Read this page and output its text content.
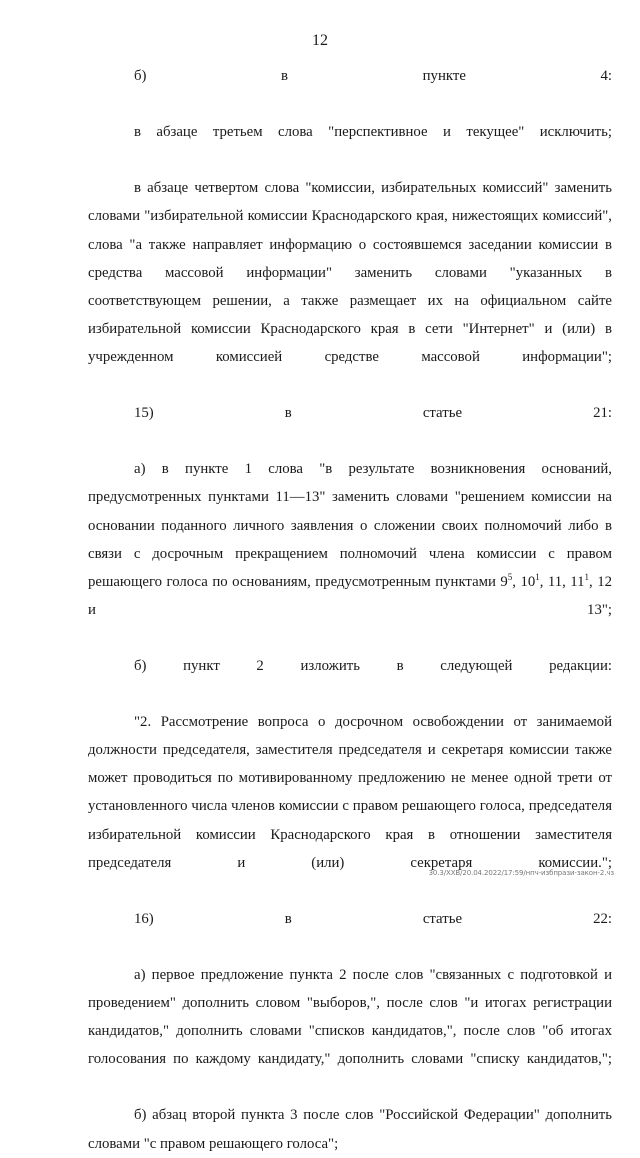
12

б) в пункте 4:

в абзаце третьем слова "перспективное и текущее" исключить;

в абзаце четвертом слова "комиссии, избирательных комиссий" заменить словами "избирательной комиссии Краснодарского края, нижестоящих комиссий", слова "а также направляет информацию о состоявшемся заседании комиссии в средства массовой информации" заменить словами "указанных в соответствующем решении, а также размещает их на официальном сайте избирательной комиссии Краснодарского края в сети "Интернет" и (или) в учрежденном комиссией средстве массовой информации";

15) в статье 21:

а) в пункте 1 слова "в результате возникновения оснований, предусмотренных пунктами 11—13" заменить словами "решением комиссии на основании поданного личного заявления о сложении своих полномочий либо в связи с досрочным прекращением полномочий члена комиссии с правом решающего голоса по основаниям, предусмотренным пунктами $9^5$, $10^1$, 11, $11^1$, 12 и 13";

б) пункт 2 изложить в следующей редакции:

"2. Рассмотрение вопроса о досрочном освобождении от занимаемой должности председателя, заместителя председателя и секретаря комиссии также может проводиться по мотивированному предложению не менее одной трети от установленного числа членов комиссии с правом решающего голоса, председателя избирательной комиссии Краснодарского края в отношении заместителя председателя и (или) секретаря комиссии.";

16) в статье 22:

а) первое предложение пункта 2 после слов "связанных с подготовкой и проведением" дополнить словом "выборов,", после слов "и итогах регистрации кандидатов," дополнить словами "списков кандидатов,", после слов "об итогах голосования по каждому кандидату," дополнить словами "списку кандидатов,";

б) абзац второй пункта 3 после слов "Российской Федерации" дополнить словами "с правом решающего голоса";

30.3/XXB/20.04.2022/17:59/нпч-избпрази-закон-2.чз
